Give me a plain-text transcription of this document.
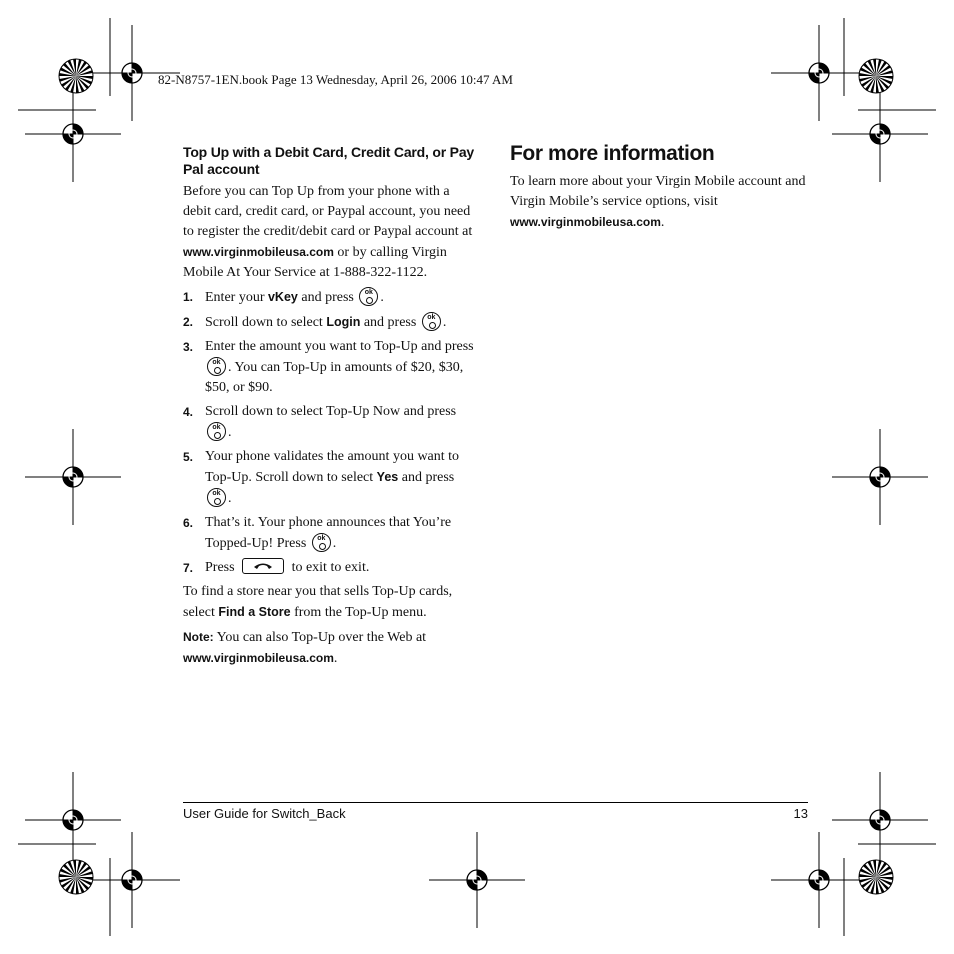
82-N8757-1EN.book Page 13 Wednesday, April 26, 2006 10:47 AM
Top Up with a Debit Card, Credit Card, or Pay Pal account

Before you can Top Up from your phone with a debit card, credit card, or Paypal account, you need to register the credit/debit card or Paypal account at www.virginmobileusa.com or by calling Virgin Mobile At Your Service at 1-888-322-1122.

1. Enter your vKey and press ok.
2. Scroll down to select Login and press ok.
3. Enter the amount you want to Top-Up and press ok. You can Top-Up in amounts of $20, $30, $50, or $90.
4. Scroll down to select Top-Up Now and press ok.
5. Your phone validates the amount you want to Top-Up. Scroll down to select Yes and press ok.
6. That’s it. Your phone announces that You’re Topped-Up! Press ok.
7. Press	to exit to exit.

To find a store near you that sells Top-Up cards, select Find a Store from the Top-Up menu.

Note: You can also Top-Up over the Web at www.virginmobileusa.com.

For more information

To learn more about your Virgin Mobile account and Virgin Mobile’s service options, visit
www.virginmobileusa.com.

User Guide for Switch_Back	13
